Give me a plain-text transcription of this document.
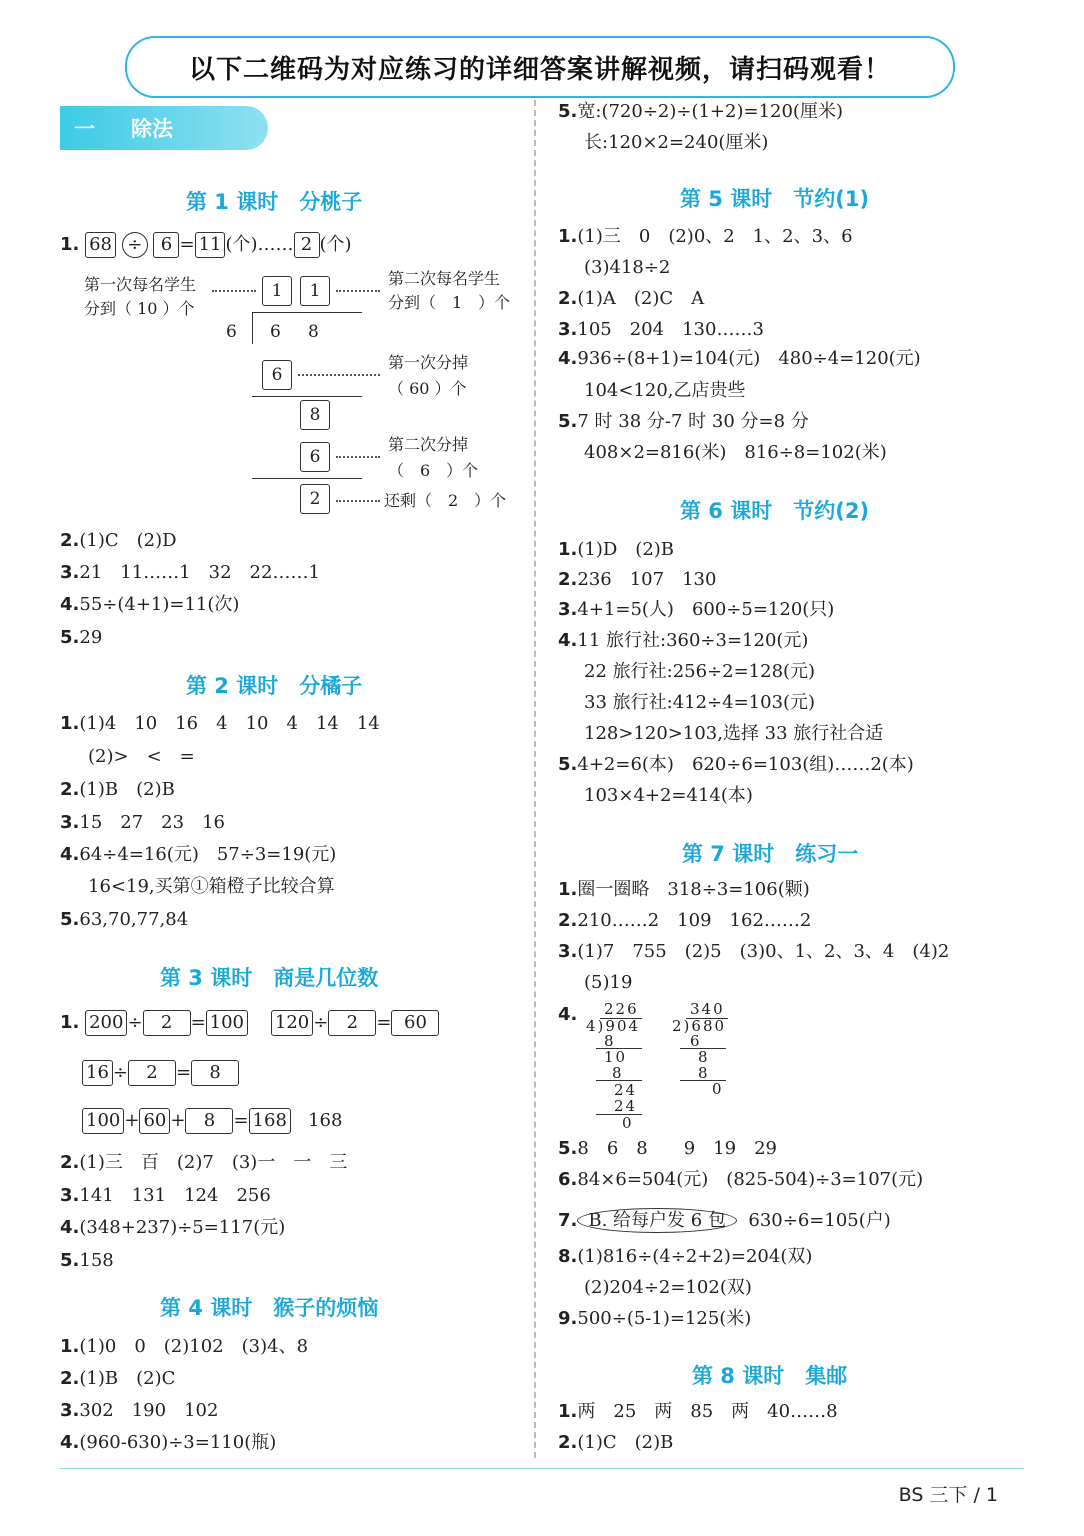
以下二维码为对应练习的详细答案讲解视频，请扫码观看！
一 除法
第 1 课时　分桃子
1. 68 ÷ 6 = 11 (个)…… 2 (个)
第一次每名学生
分到（ 10 ）个
1	1
第二次每名学生
分到（　1　）个
6 6 8
6
第一次分掉
（ 60 ）个
8
6
第二次分掉
（　6　）个
2	还剩（　2　）个
2.(1)C　(2)D
3.21　11……1　32　22……1
4.55÷(4+1)=11(次)
5.29
第 2 课时　分橘子
1.(1)4　10　16　4　10　4　14　14
(2)>　<　=
2.(1)B　(2)B
3.15　27　23　16
4.64÷4=16(元)　57÷3=19(元)
16<19,买第①箱橙子比较合算
5.63,70,77,84
第 3 课时　商是几位数
1. 200 ÷ 2 = 100 120 ÷ 2 = 60
16 ÷ 2 = 8
100 + 60 + 8 = 168 168
2.(1)三　百　(2)7　(3)一　一　三
3.141　131　124　256
4.(348+237)÷5=117(元)
5.158
第 4 课时　猴子的烦恼
1.(1)0　0　(2)102　(3)4、8
2.(1)B　(2)C
3.302　190　102
4.(960-630)÷3=110(瓶)
5.宽:(720÷2)÷(1+2)=120(厘米)
长:120×2=240(厘米)
第 5 课时　节约(1)
1.(1)三　0　(2)0、2　1、2、3、6
(3)418÷2
2.(1)A　(2)C　A
3.105　204　130……3
4.936÷(8+1)=104(元)　480÷4=120(元)
104<120,乙店贵些
5.7 时 38 分-7 时 30 分=8 分
408×2=816(米)　816÷8=102(米)
第 6 课时　节约(2)
1.(1)D　(2)B
2.236　107　130
3.4+1=5(人)　600÷5=120(只)
4.11 旅行社:360÷3=120(元)
22 旅行社:256÷2=128(元)
33 旅行社:412÷4=103(元)
128>120>103,选择 33 旅行社合适
5.4+2=6(本)　620÷6=103(组)……2(本)
103×4+2=414(本)
第 7 课时　练习一
1.圈一圈略　318÷3=106(颗)
2.210……2　109　162……2
3.(1)7　755　(2)5　(3)0、1、2、3、4　(4)2
(5)19
4. 226
4)904
8
10
8
24
24
0
340
2)680
6
8
8
0
5.8　6　8　　9　19　29
6.84×6=504(元)　(825-504)÷3=107(元)
7. B. 给每户发 6 包 630÷6=105(户)
8.(1)816÷(4÷2+2)=204(双)
(2)204÷2=102(双)
9.500÷(5-1)=125(米)
第 8 课时　集邮
1.两　25　两　85　两　40……8
2.(1)C　(2)B
BS 三下 / 1
